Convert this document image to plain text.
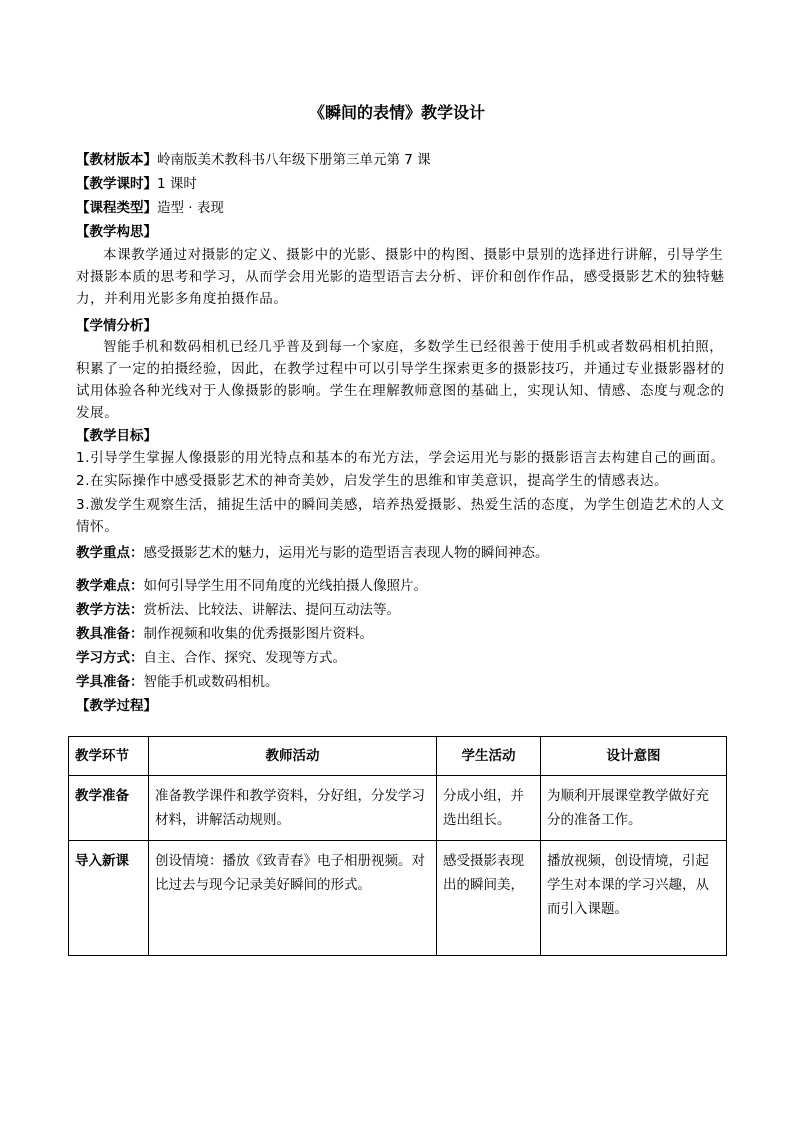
《瞬间的表情》教学设计
【教材版本】岭南版美术教科书八年级下册第三单元第 7 课
【教学课时】1 课时
【课程类型】造型 · 表现
【教学构思】
本课教学通过对摄影的定义、摄影中的光影、摄影中的构图、摄影中景别的选择进行讲解，引导学生对摄影本质的思考和学习，从而学会用光影的造型语言去分析、评价和创作作品，感受摄影艺术的独特魅力，并利用光影多角度拍摄作品。
【学情分析】
智能手机和数码相机已经几乎普及到每一个家庭，多数学生已经很善于使用手机或者数码相机拍照，积累了一定的拍摄经验，因此，在教学过程中可以引导学生探索更多的摄影技巧，并通过专业摄影器材的试用体验各种光线对于人像摄影的影响。学生在理解教师意图的基础上，实现认知、情感、态度与观念的发展。
【教学目标】
1.引导学生掌握人像摄影的用光特点和基本的布光方法，学会运用光与影的摄影语言去构建自己的画面。
2.在实际操作中感受摄影艺术的神奇美妙，启发学生的思维和审美意识，提高学生的情感表达。
3.激发学生观察生活，捕捉生活中的瞬间美感，培养热爱摄影、热爱生活的态度，为学生创造艺术的人文情怀。
教学重点：感受摄影艺术的魅力，运用光与影的造型语言表现人物的瞬间神态。
教学难点：如何引导学生用不同角度的光线拍摄人像照片。
教学方法：赏析法、比较法、讲解法、提问互动法等。
教具准备：制作视频和收集的优秀摄影图片资料。
学习方式：自主、合作、探究、发现等方式。
学具准备：智能手机或数码相机。
【教学过程】
教学环节	教师活动	学生活动	设计意图
教学准备	准备教学课件和教学资料，分好组，分发学习材料，讲解活动规则。	分成小组，并选出组长。	为顺利开展课堂教学做好充分的准备工作。
导入新课	创设情境：播放《致青春》电子相册视频。对比过去与现今记录美好瞬间的形式。	感受摄影表现出的瞬间美，	播放视频，创设情境，引起学生对本课的学习兴趣，从而引入课题。
